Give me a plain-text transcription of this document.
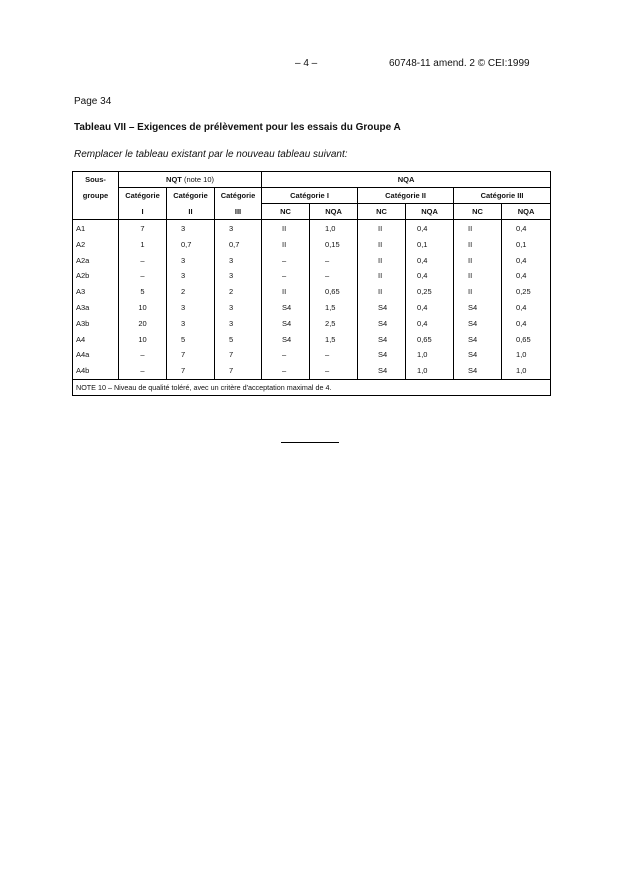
– 4 –	60748-11 amend. 2 © CEI:1999
Page 34
Tableau VII – Exigences de prélèvement pour les essais du Groupe A
Remplacer le tableau existant par le nouveau tableau suivant:
Sous-	NQT (note 10)			NQA					
groupe	Catégorie	Catégorie	Catégorie	Catégorie I		Catégorie II		Catégorie III	
	I	II	III	NC	NQA	NC	NQA	NC	NQA
A1	7	3	3	II	1,0	II	0,4	II	0,4
A2	1	0,7	0,7	II	0,15	II	0,1	II	0,1
A2a	–	3	3	–	–	II	0,4	II	0,4
A2b	–	3	3	–	–	II	0,4	II	0,4
A3	5	2	2	II	0,65	II	0,25	II	0,25
A3a	10	3	3	S4	1,5	S4	0,4	S4	0,4
A3b	20	3	3	S4	2,5	S4	0,4	S4	0,4
A4	10	5	5	S4	1,5	S4	0,65	S4	0,65
A4a	–	7	7	–	–	S4	1,0	S4	1,0
A4b	–	7	7	–	–	S4	1,0	S4	1,0
NOTE 10 – Niveau de qualité toléré, avec un critère d'acceptation maximal de 4.									
